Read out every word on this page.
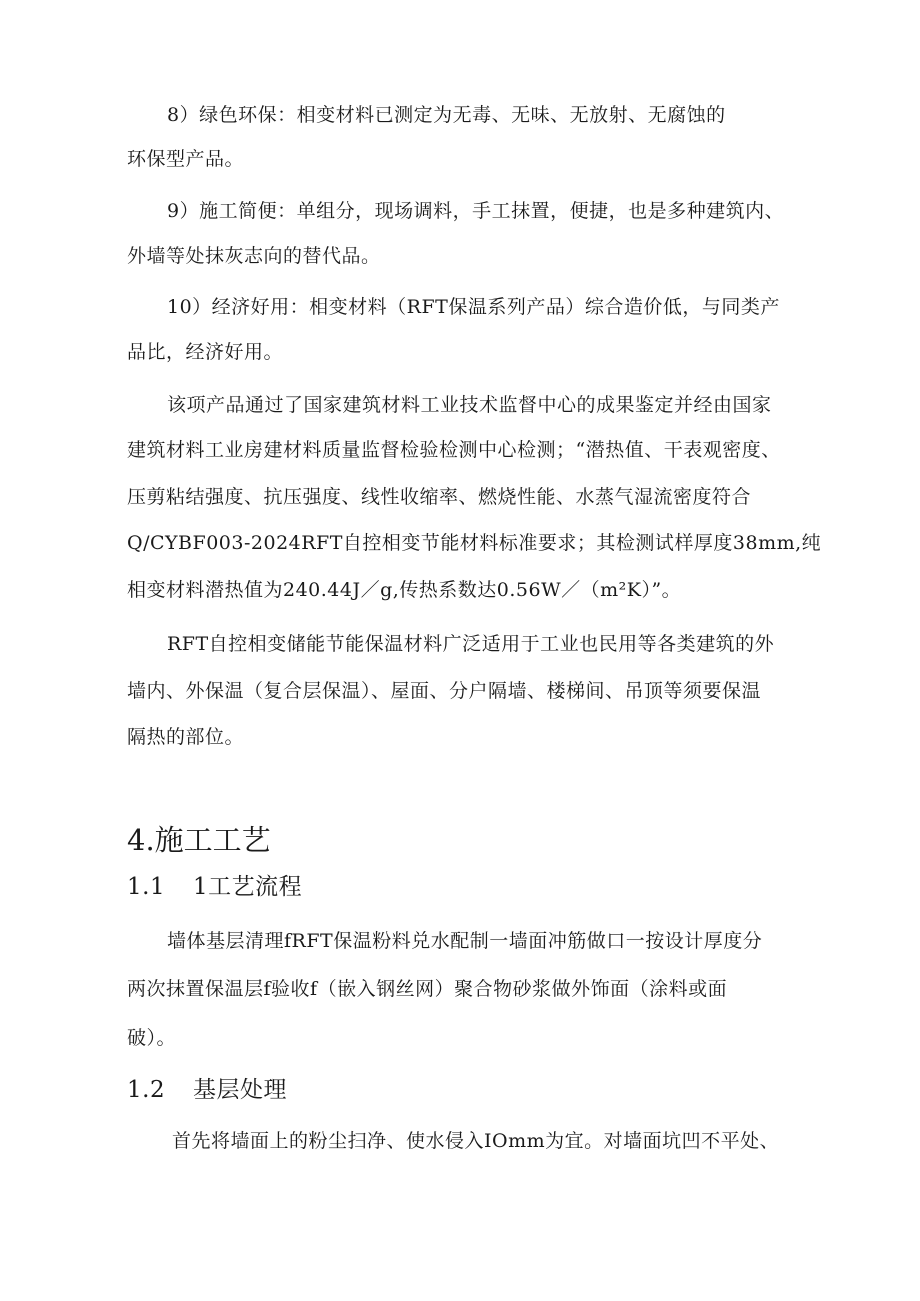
8）绿色环保：相变材料已测定为无毒、无味、无放射、无腐蚀的
环保型产品。
9）施工简便：单组分，现场调料，手工抹置，便捷，也是多种建筑内、
外墙等处抹灰志向的替代品。
10）经济好用：相变材料（RFT保温系列产品）综合造价低，与同类产
品比，经济好用。
该项产品通过了国家建筑材料工业技术监督中心的成果鉴定并经由国家
建筑材料工业房建材料质量监督检验检测中心检测；“潜热值、干表观密度、
压剪粘结强度、抗压强度、线性收缩率、燃烧性能、水蒸气湿流密度符合
Q/CYBF003-2024RFT自控相变节能材料标准要求；其检测试样厚度38mm,纯
相变材料潜热值为240.44J／g,传热系数达0.56W／（m²K）”。
RFT自控相变储能节能保温材料广泛适用于工业也民用等各类建筑的外
墙内、外保温（复合层保温）、屋面、分户隔墙、楼梯间、吊顶等须要保温
隔热的部位。
4.施工工艺
1.1 1工艺流程
墙体基层清理fRFT保温粉料兑水配制一墙面冲筋做口一按设计厚度分
两次抹置保温层f验收f（嵌入钢丝网）聚合物砂浆做外饰面（涂料或面
破）。
1.2 基层处理
首先将墙面上的粉尘扫净、使水侵入IOmm为宜。对墙面坑凹不平处、
